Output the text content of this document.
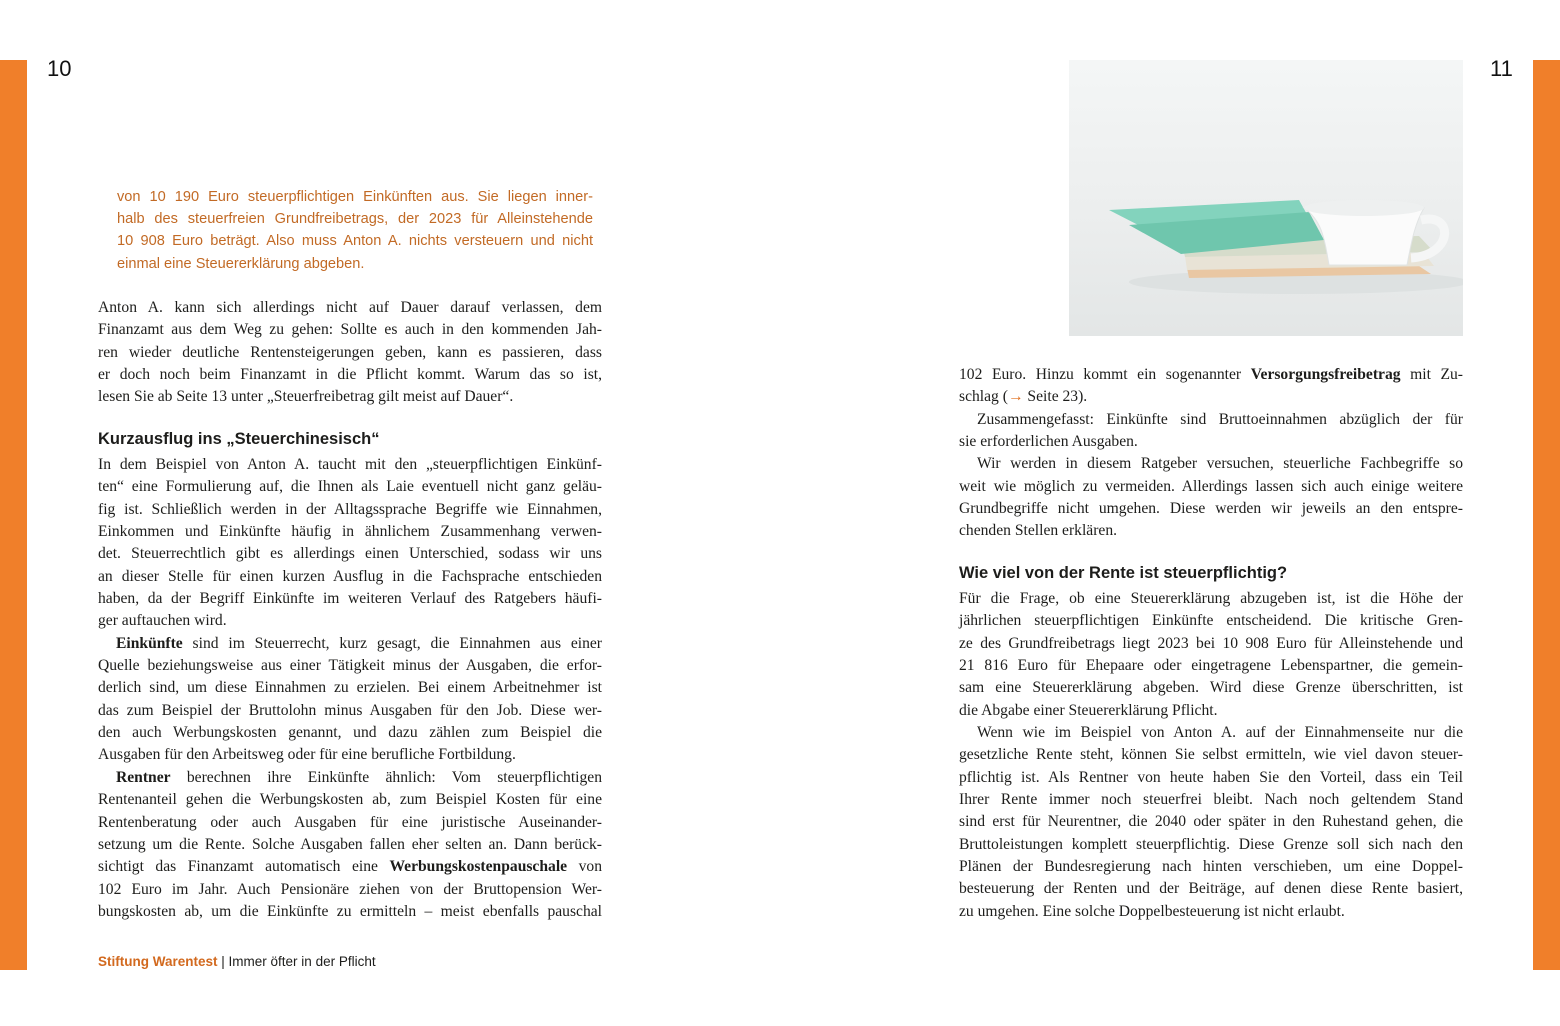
10	11
von 10 190 Euro steuerpflichtigen Einkünften aus. Sie liegen inner-
halb des steuerfreien Grundfreibetrags, der 2023 für Alleinstehende
10 908 Euro beträgt. Also muss Anton A. nichts versteuern und nicht
einmal eine Steuererklärung abgeben.
Anton A. kann sich allerdings nicht auf Dauer darauf verlassen, dem
Finanzamt aus dem Weg zu gehen: Sollte es auch in den kommenden Jah-
ren wieder deutliche Rentensteigerungen geben, kann es passieren, dass
er doch noch beim Finanzamt in die Pflicht kommt. Warum das so ist,
lesen Sie ab Seite 13 unter „Steuerfreibetrag gilt meist auf Dauer“.
Kurzausflug ins „Steuerchinesisch“
In dem Beispiel von Anton A. taucht mit den „steuerpflichtigen Einkünf-
ten“ eine Formulierung auf, die Ihnen als Laie eventuell nicht ganz geläu-
fig ist. Schließlich werden in der Alltagssprache Begriffe wie Einnahmen,
Einkommen und Einkünfte häufig in ähnlichem Zusammenhang verwen-
det. Steuerrechtlich gibt es allerdings einen Unterschied, sodass wir uns
an dieser Stelle für einen kurzen Ausflug in die Fachsprache entschieden
haben, da der Begriff Einkünfte im weiteren Verlauf des Ratgebers häufi-
ger auftauchen wird.
Einkünfte sind im Steuerrecht, kurz gesagt, die Einnahmen aus einer
Quelle beziehungsweise aus einer Tätigkeit minus der Ausgaben, die erfor-
derlich sind, um diese Einnahmen zu erzielen. Bei einem Arbeitnehmer ist
das zum Beispiel der Bruttolohn minus Ausgaben für den Job. Diese wer-
den auch Werbungskosten genannt, und dazu zählen zum Beispiel die
Ausgaben für den Arbeitsweg oder für eine berufliche Fortbildung.
Rentner berechnen ihre Einkünfte ähnlich: Vom steuerpflichtigen
Rentenanteil gehen die Werbungskosten ab, zum Beispiel Kosten für eine
Rentenberatung oder auch Ausgaben für eine juristische Auseinander-
setzung um die Rente. Solche Ausgaben fallen eher selten an. Dann berück-
sichtigt das Finanzamt automatisch eine Werbungskostenpauschale von
102 Euro im Jahr. Auch Pensionäre ziehen von der Bruttopension Wer-
bungskosten ab, um die Einkünfte zu ermitteln – meist ebenfalls pauschal
102 Euro. Hinzu kommt ein sogenannter Versorgungsfreibetrag mit Zu-
schlag (→ Seite 23).
Zusammengefasst: Einkünfte sind Bruttoeinnahmen abzüglich der für
sie erforderlichen Ausgaben.
Wir werden in diesem Ratgeber versuchen, steuerliche Fachbegriffe so
weit wie möglich zu vermeiden. Allerdings lassen sich auch einige weitere
Grundbegriffe nicht umgehen. Diese werden wir jeweils an den entspre-
chenden Stellen erklären.
Wie viel von der Rente ist steuerpflichtig?
Für die Frage, ob eine Steuererklärung abzugeben ist, ist die Höhe der
jährlichen steuerpflichtigen Einkünfte entscheidend. Die kritische Gren-
ze des Grundfreibetrags liegt 2023 bei 10 908 Euro für Alleinstehende und
21 816 Euro für Ehepaare oder eingetragene Lebenspartner, die gemein-
sam eine Steuererklärung abgeben. Wird diese Grenze überschritten, ist
die Abgabe einer Steuererklärung Pflicht.
Wenn wie im Beispiel von Anton A. auf der Einnahmenseite nur die
gesetzliche Rente steht, können Sie selbst ermitteln, wie viel davon steuer-
pflichtig ist. Als Rentner von heute haben Sie den Vorteil, dass ein Teil
Ihrer Rente immer noch steuerfrei bleibt. Nach noch geltendem Stand
sind erst für Neurentner, die 2040 oder später in den Ruhestand gehen, die
Bruttoleistungen komplett steuerpflichtig. Diese Grenze soll sich nach den
Plänen der Bundesregierung nach hinten verschieben, um eine Doppel-
besteuerung der Renten und der Beiträge, auf denen diese Rente basiert,
zu umgehen. Eine solche Doppelbesteuerung ist nicht erlaubt.
Stiftung Warentest | Immer öfter in der Pflicht
